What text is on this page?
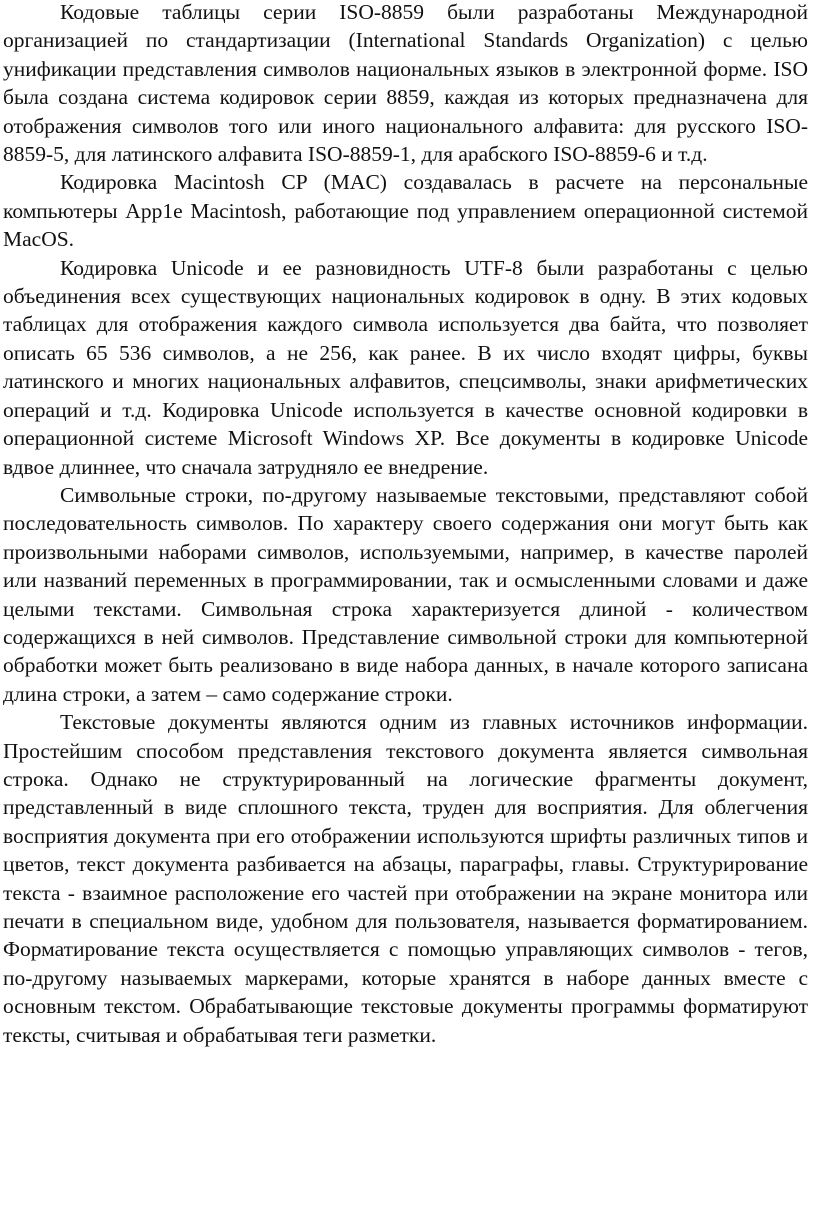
Кодовые таблицы серии ISO-8859 были разработаны Международной организацией по стандартизации (International Standards Organization) с целью унификации представления символов национальных языков в электронной форме. ISO была создана система кодировок серии 8859, каждая из которых предназначена для отображения символов того или иного национального алфавита: для русского ISO-8859-5, для латинского алфавита ISO-8859-1, для арабского ISO-8859-6 и т.д.

Кодировка Macintosh CP (MAC) создавалась в расчете на персональные компьютеры App1e Macintosh, работающие под управлением операционной системой MacOS.

Кодировка Unicode и ее разновидность UTF-8 были разработаны с целью объединения всех существующих национальных кодировок в одну. В этих кодовых таблицах для отображения каждого символа используется два байта, что позволяет описать 65 536 символов, а не 256, как ранее. В их число входят цифры, буквы латинского и многих национальных алфавитов, спецсимволы, знаки арифметических операций и т.д. Кодировка Unicode используется в качестве основной кодировки в операционной системе Microsoft Windows XP. Все документы в кодировке Unicode вдвое длиннее, что сначала затрудняло ее внедрение.

Символьные строки, по-другому называемые текстовыми, представляют собой последовательность символов. По характеру своего содержания они могут быть как произвольными наборами символов, используемыми, например, в качестве паролей или названий переменных в программировании, так и осмысленными словами и даже целыми текстами. Символьная строка характеризуется длиной - количеством содержащихся в ней символов. Представление символьной строки для компьютерной обработки может быть реализовано в виде набора данных, в начале которого записана длина строки, а затем – само содержание строки.

Текстовые документы являются одним из главных источников информации. Простейшим способом представления текстового документа является символьная строка. Однако не структурированный на логические фрагменты документ, представленный в виде сплошного текста, труден для восприятия. Для облегчения восприятия документа при его отображении используются шрифты различных типов и цветов, текст документа разбивается на абзацы, параграфы, главы. Структурирование текста - взаимное расположение его частей при отображении на экране монитора или печати в специальном виде, удобном для пользователя, называется форматированием. Форматирование текста осуществляется с помощью управляющих символов - тегов, по-другому называемых маркерами, которые хранятся в наборе данных вместе с основным текстом. Обрабатывающие текстовые документы программы форматируют тексты, считывая и обрабатывая теги разметки.
